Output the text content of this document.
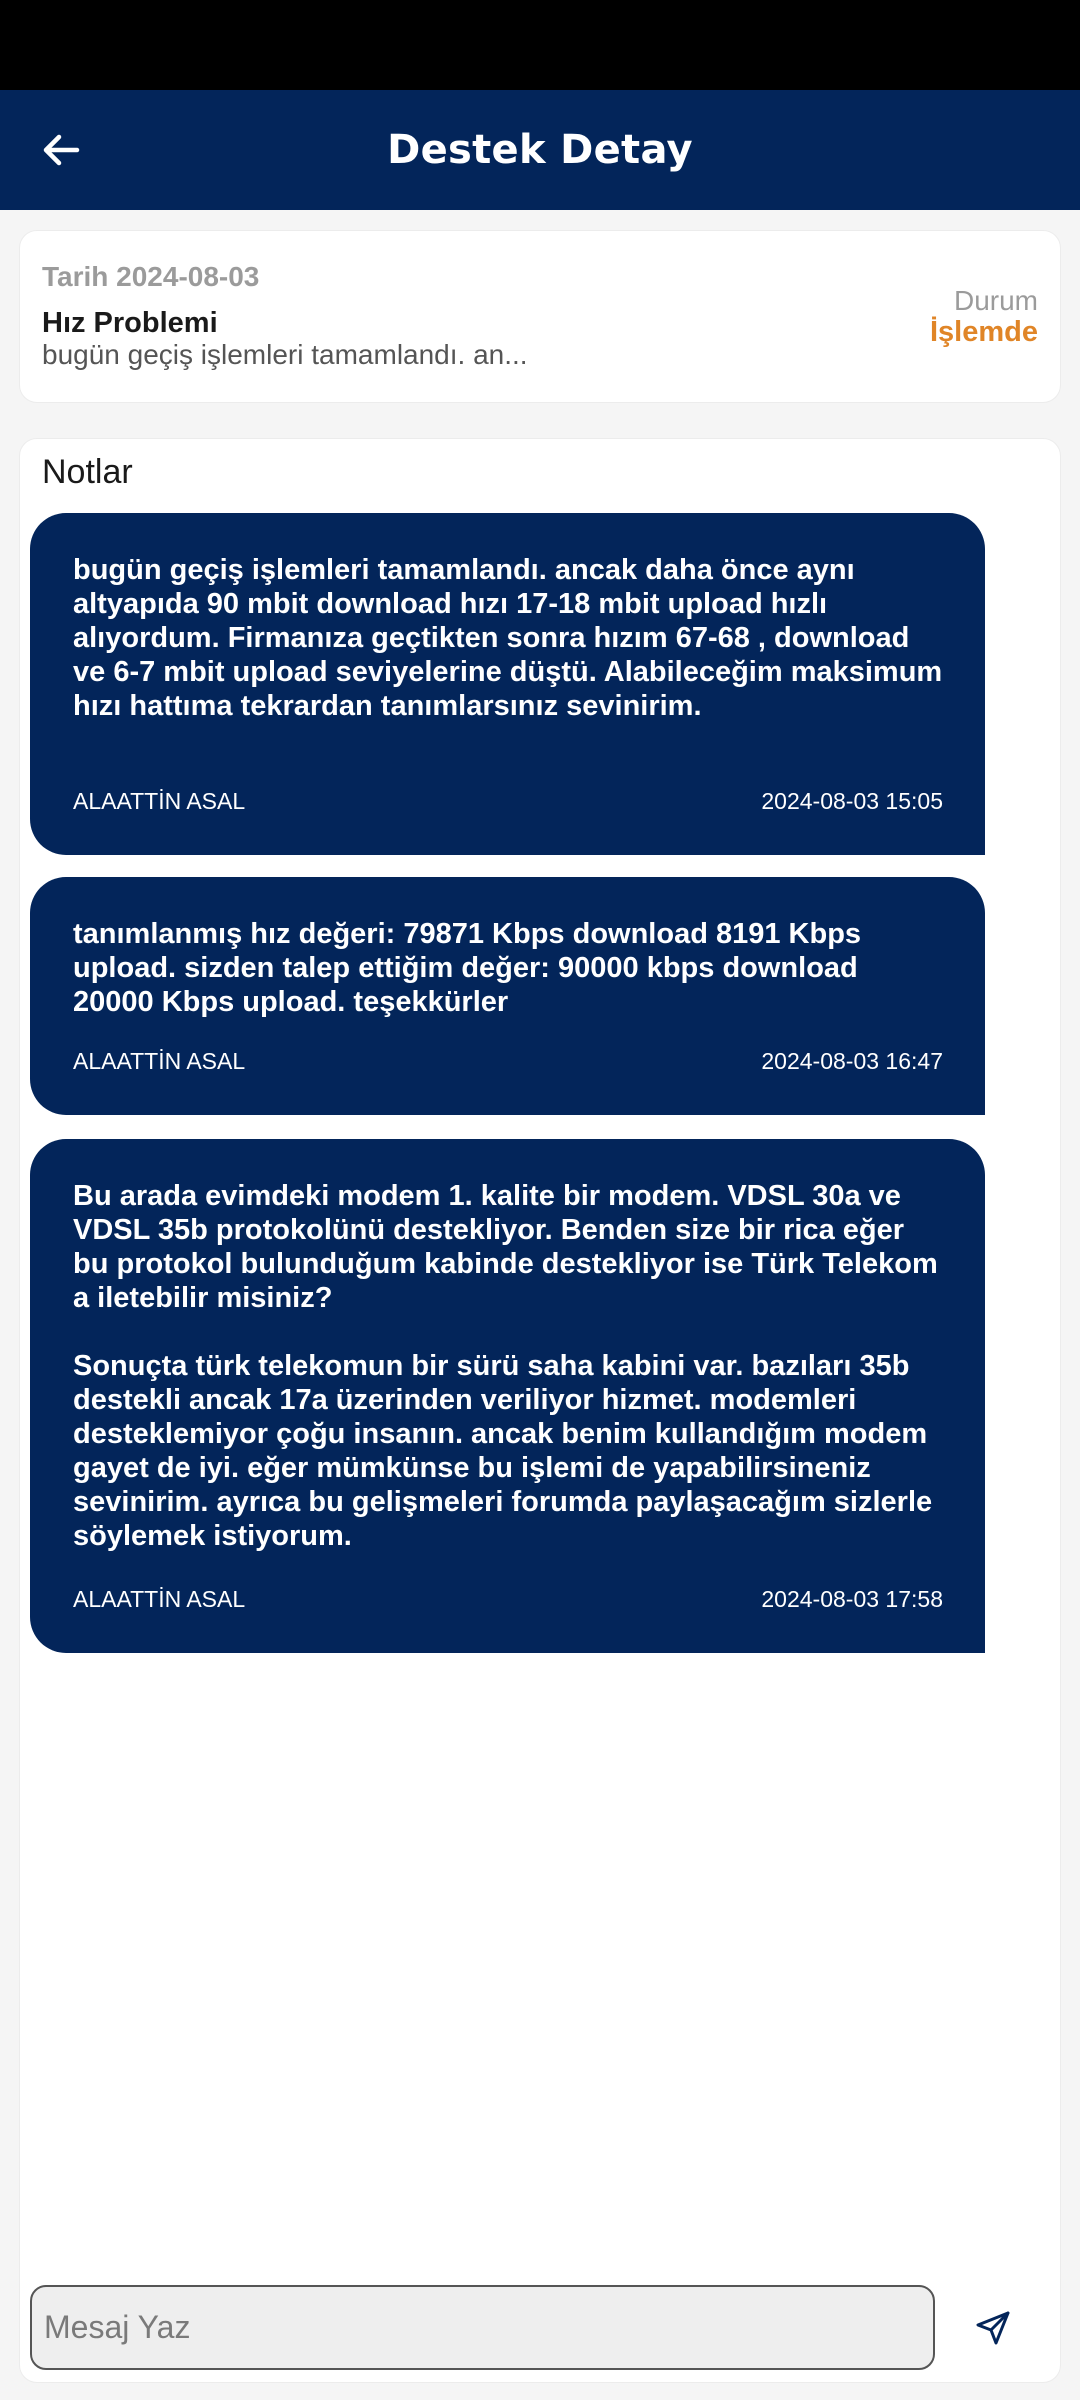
Destek Detay
Tarih 2024-08-03
Hız Problemi
bugün geçiş işlemleri tamamlandı. an...
Durum
İşlemde
Notlar
bugün geçiş işlemleri tamamlandı. ancak daha önce aynı altyapıda 90 mbit download hızı 17-18 mbit upload hızlı alıyordum. Firmanıza geçtikten sonra hızım 67-68 , download ve 6-7 mbit upload seviyelerine düştü. Alabileceğim maksimum hızı hattıma tekrardan tanımlarsınız sevinirim.
ALAATTİN ASAL	2024-08-03 15:05
tanımlanmış hız değeri: 79871 Kbps download 8191 Kbps upload. sizden talep ettiğim değer: 90000 kbps download 20000 Kbps upload. teşekkürler
ALAATTİN ASAL	2024-08-03 16:47
Bu arada evimdeki modem 1. kalite bir modem. VDSL 30a ve VDSL 35b protokolünü destekliyor. Benden size bir rica eğer bu protokol bulunduğum kabinde destekliyor ise Türk Telekom a iletebilir misiniz?

Sonuçta türk telekomun bir sürü saha kabini var. bazıları 35b destekli ancak 17a üzerinden veriliyor hizmet. modemleri desteklemiyor çoğu insanın. ancak benim kullandığım modem gayet de iyi. eğer mümkünse bu işlemi de yapabilirsineniz sevinirim. ayrıca bu gelişmeleri forumda paylaşacağım sizlerle söylemek istiyorum.
ALAATTİN ASAL	2024-08-03 17:58
Mesaj Yaz
